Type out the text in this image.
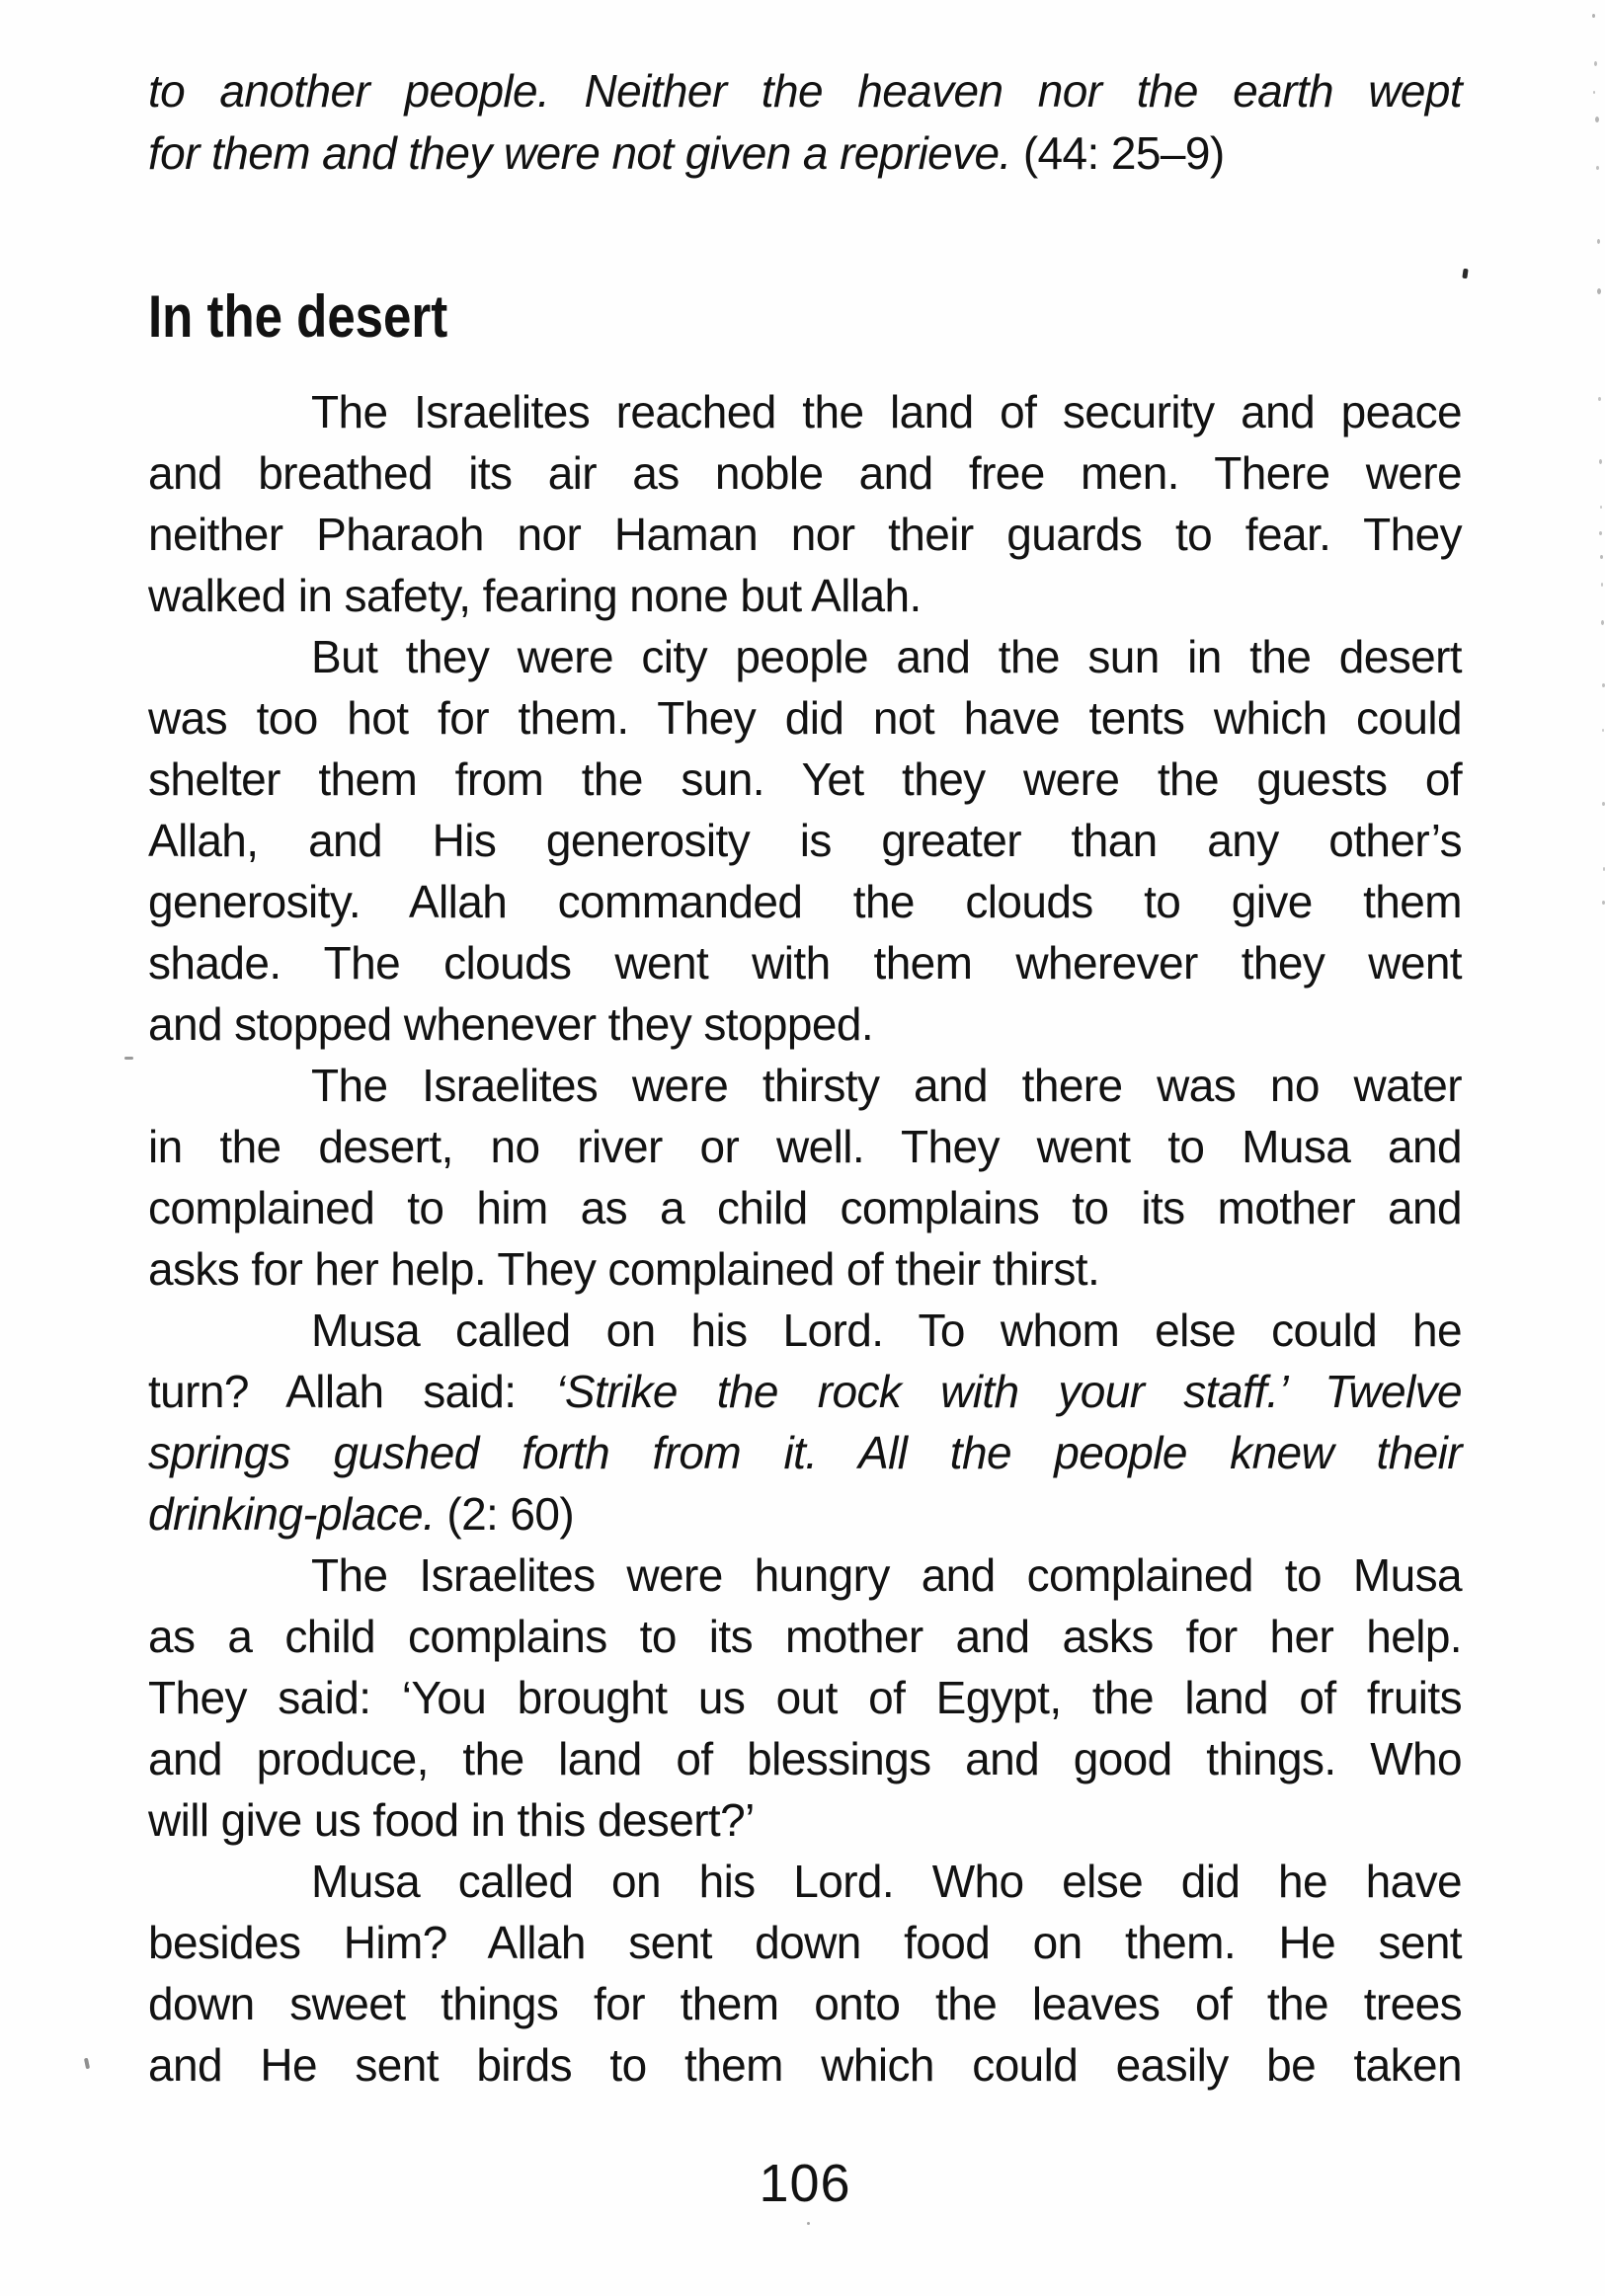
to another people. Neither the heaven nor the earth wept
for them and they were not given a reprieve. (44: 25–9)
In the desert
The Israelites reached the land of security and peace
and breathed its air as noble and free men. There were
neither Pharaoh nor Haman nor their guards to fear. They
walked in safety, fearing none but Allah.
But they were city people and the sun in the desert
was too hot for them. They did not have tents which could
shelter them from the sun. Yet they were the guests of
Allah, and His generosity is greater than any other’s
generosity. Allah commanded the clouds to give them
shade. The clouds went with them wherever they went
and stopped whenever they stopped.
The Israelites were thirsty and there was no water
in the desert, no river or well. They went to Musa and
complained to him as a child complains to its mother and
asks for her help. They complained of their thirst.
Musa called on his Lord. To whom else could he
turn? Allah said: ‘Strike the rock with your staff.’ Twelve
springs gushed forth from it. All the people knew their
drinking-place. (2: 60)
The Israelites were hungry and complained to Musa
as a child complains to its mother and asks for her help.
They said: ‘You brought us out of Egypt, the land of fruits
and produce, the land of blessings and good things. Who
will give us food in this desert?’
Musa called on his Lord. Who else did he have
besides Him? Allah sent down food on them. He sent
down sweet things for them onto the leaves of the trees
and He sent birds to them which could easily be taken
106
